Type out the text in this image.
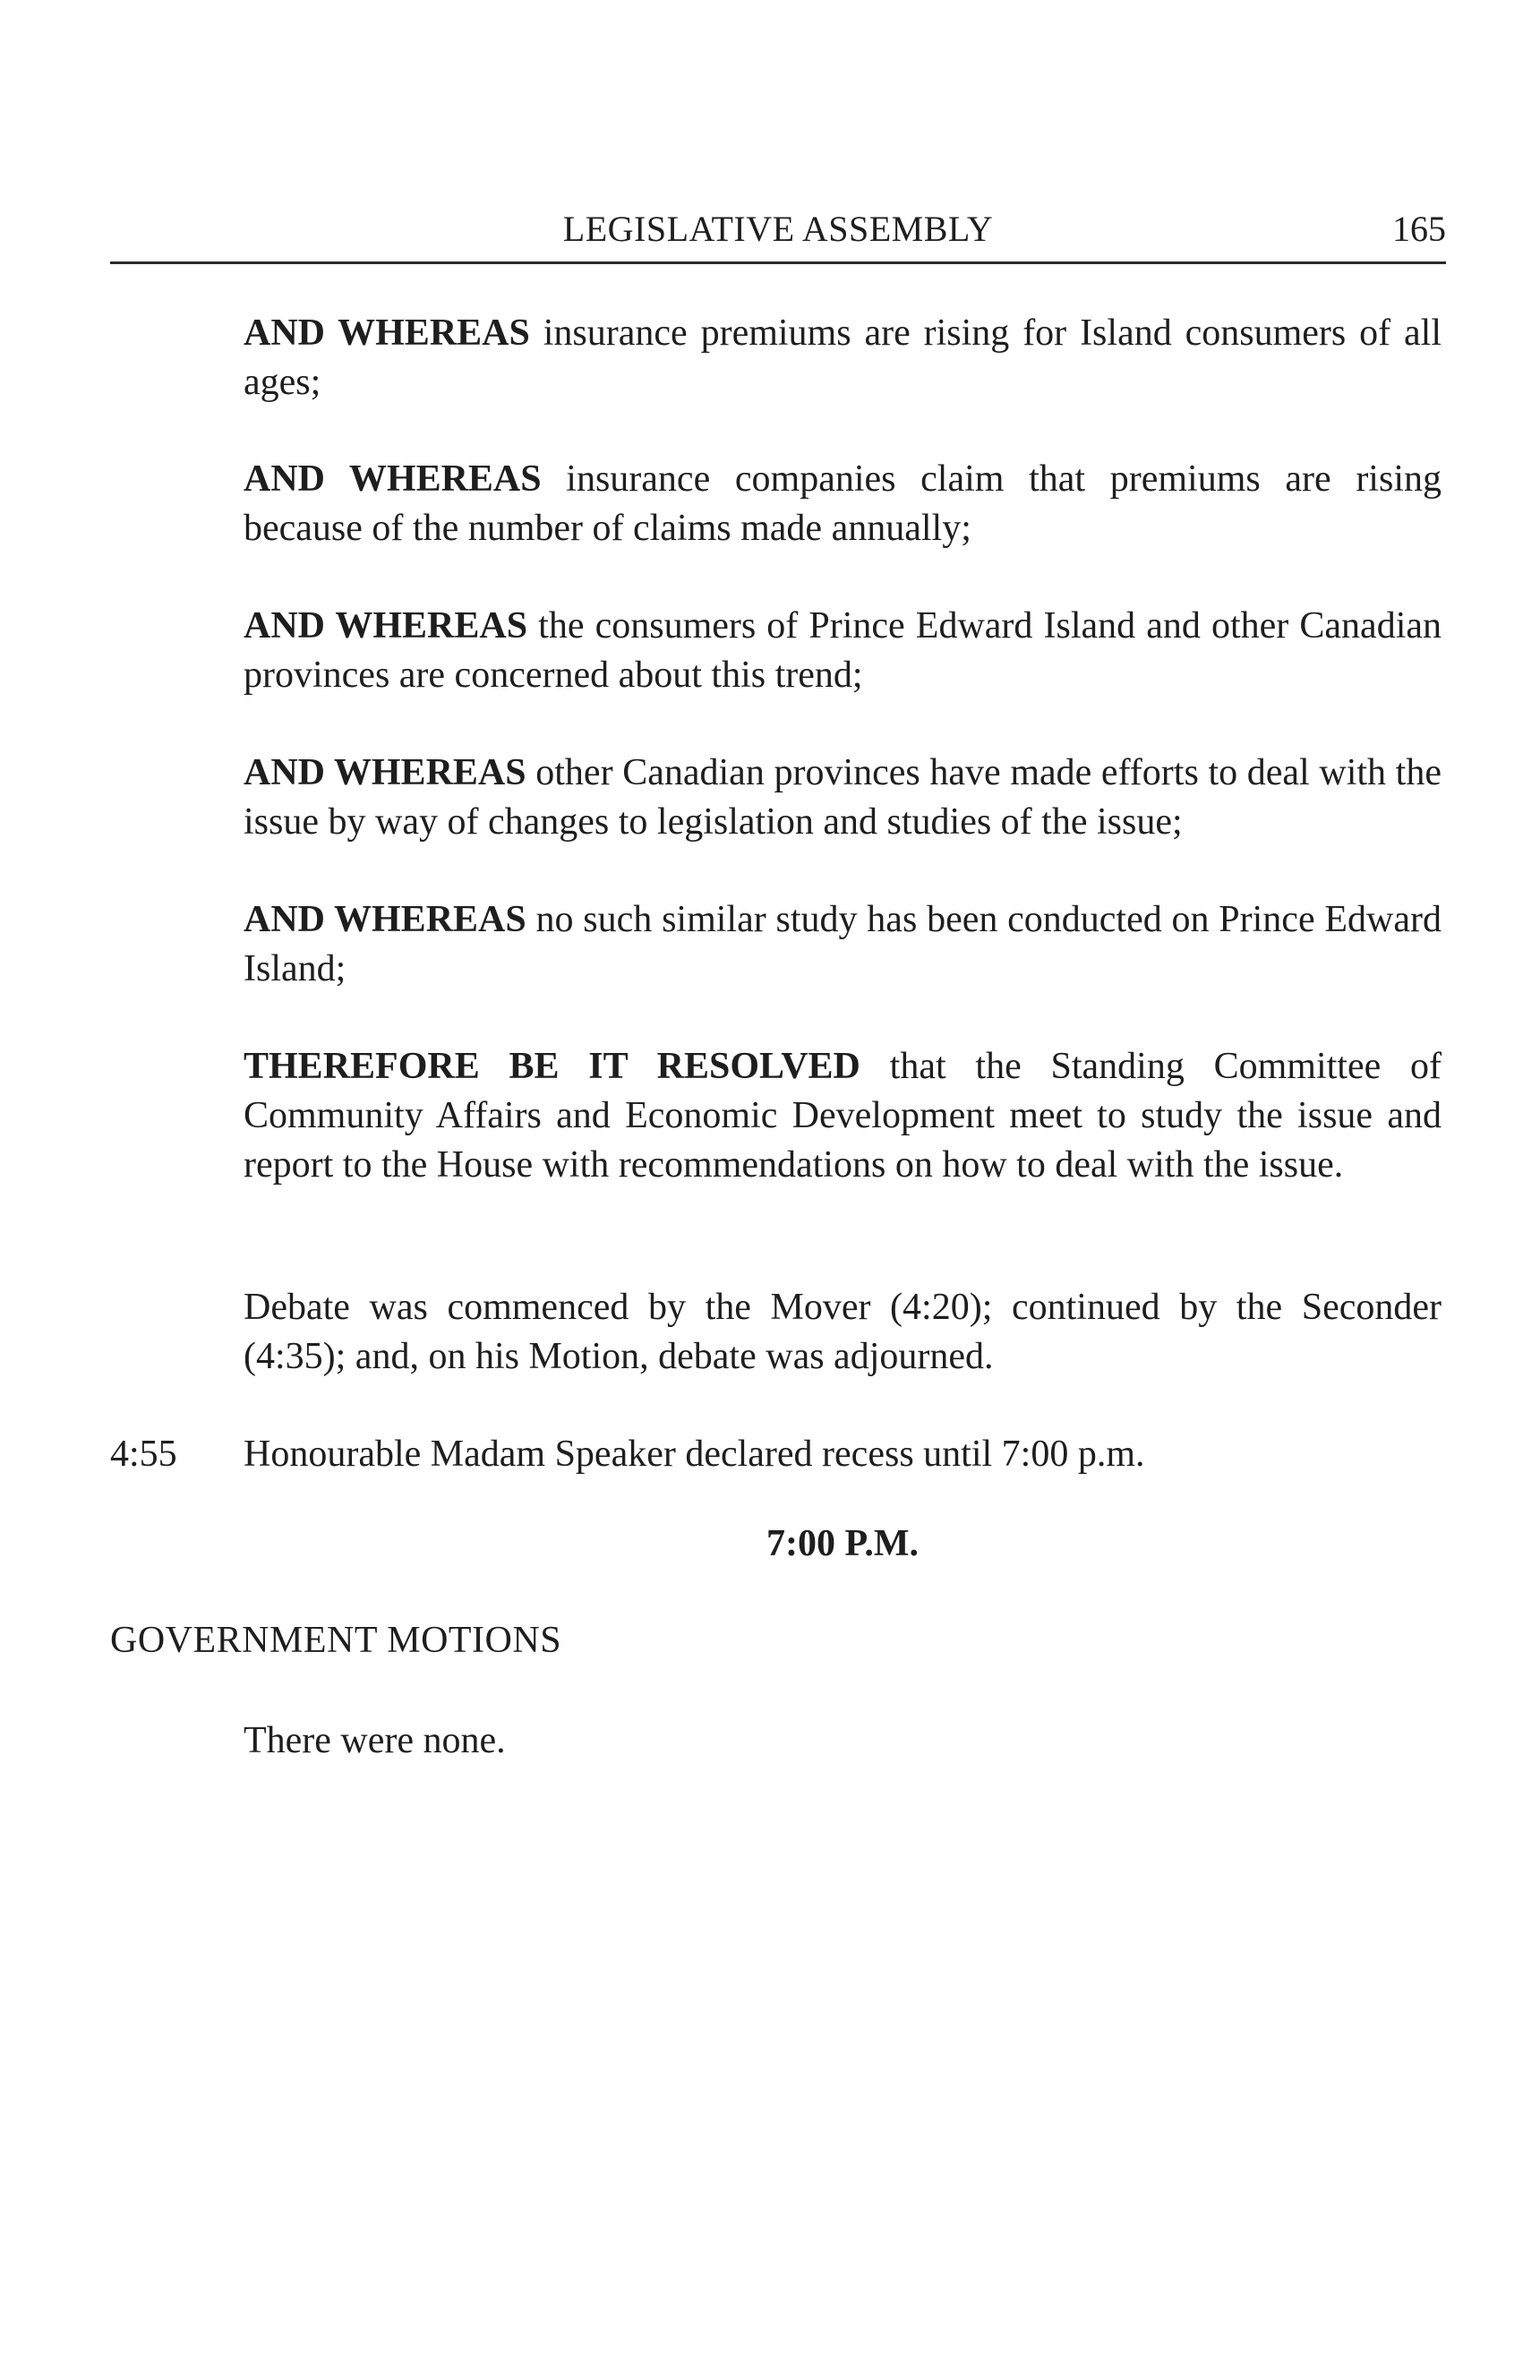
LEGISLATIVE ASSEMBLY	165

AND WHEREAS insurance premiums are rising for Island consumers of all ages;

AND WHEREAS insurance companies claim that premiums are rising because of the number of claims made annually;

AND WHEREAS the consumers of Prince Edward Island and other Canadian provinces are concerned about this trend;

AND WHEREAS other Canadian provinces have made efforts to deal with the issue by way of changes to legislation and studies of the issue;

AND WHEREAS no such similar study has been conducted on Prince Edward Island;

THEREFORE BE IT RESOLVED that the Standing Committee of Community Affairs and Economic Development meet to study the issue and report to the House with recommendations on how to deal with the issue.

Debate was commenced by the Mover (4:20); continued by the Seconder (4:35); and, on his Motion, debate was adjourned.

4:55 Honourable Madam Speaker declared recess until 7:00 p.m.

7:00 P.M.
GOVERNMENT MOTIONS

There were none.
